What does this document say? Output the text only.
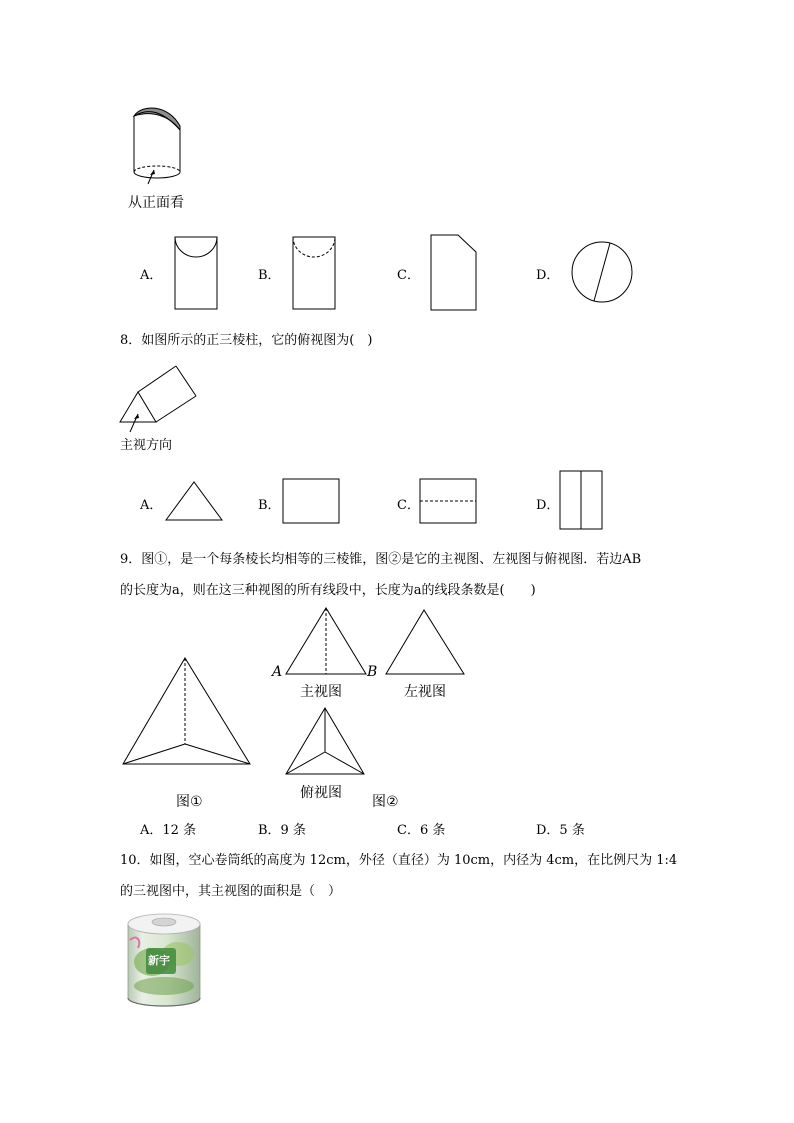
从正面看
A．	B．	C．	D．
8．如图所示的正三棱柱，它的俯视图为(　)
主视方向
A．	B．	C．	D．
9．图①，是一个每条棱长均相等的三棱锥，图②是它的主视图、左视图与俯视图．若边AB
的长度为a，则在这三种视图的所有线段中，长度为a的线段条数是(　　)
图①
A	B
主视图	左视图
俯视图
图②
A．12 条	B．9 条	C．6 条	D．5 条
10．如图，空心卷筒纸的高度为 12cm，外径（直径）为 10cm，内径为 4cm，在比例尺为 1:4
的三视图中，其主视图的面积是（　）
新宇
